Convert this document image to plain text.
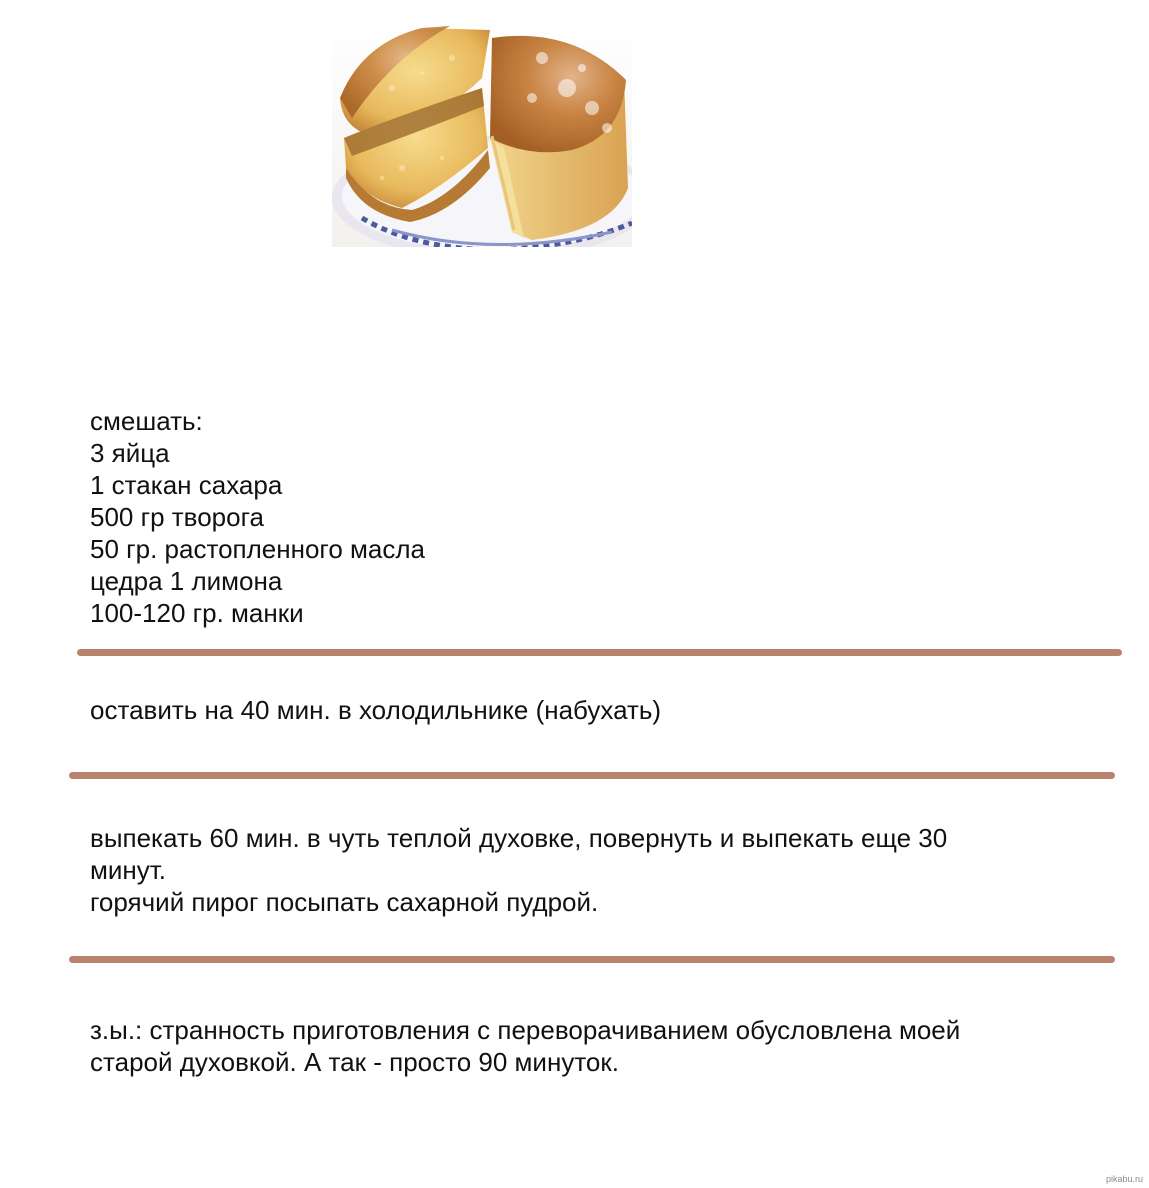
смешать:
3 яйца
1 стакан сахара
500 гр творога
50 гр. растопленного масла
цедра 1 лимона
100-120 гр. манки
оставить на 40 мин. в холодильнике (набухать)
выпекать 60 мин. в чуть теплой духовке, повернуть и выпекать еще 30
минут.
горячий пирог посыпать сахарной пудрой.
з.ы.: странность приготовления с переворачиванием обусловлена моей
старой духовкой. А так - просто 90 минуток.
pikabu.ru
